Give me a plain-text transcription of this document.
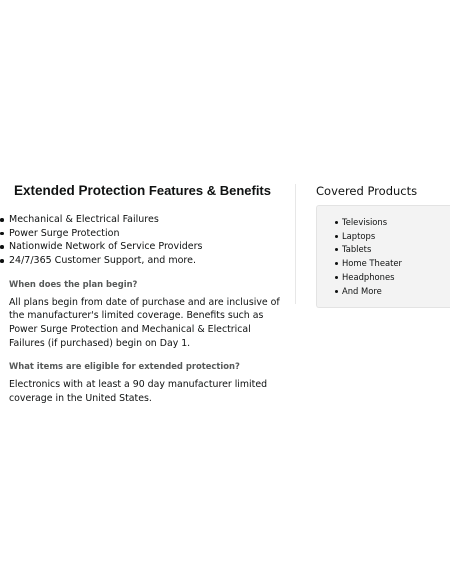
Extended Protection Features & Benefits
Mechanical & Electrical Failures
Power Surge Protection
Nationwide Network of Service Providers
24/7/365 Customer Support, and more.
When does the plan begin?
All plans begin from date of purchase and are inclusive of the manufacturer's limited coverage. Benefits such as Power Surge Protection and Mechanical & Electrical Failures (if purchased) begin on Day 1.
What items are eligible for extended protection?
Electronics with at least a 90 day manufacturer limited coverage in the United States.
Covered Products
Televisions
Laptops
Tablets
Home Theater
Headphones
And More
